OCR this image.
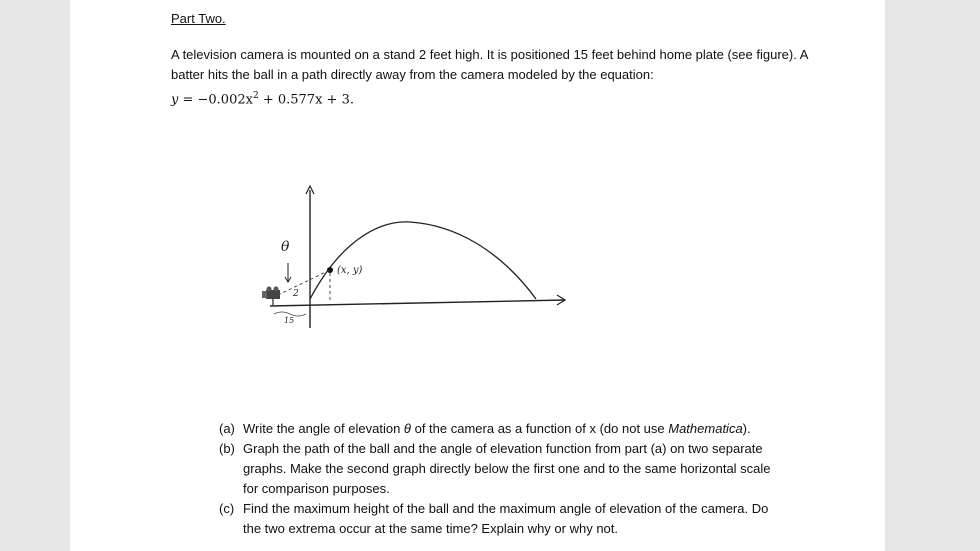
Part Two.
A television camera is mounted on a stand 2 feet high. It is positioned 15 feet behind home plate (see figure). A batter hits the ball in a path directly away from the camera modeled by the equation:
$y = -0.002x^2 + 0.577x + 3$.
θ
(x, y)
2
15
(a) Write the angle of elevation θ of the camera as a function of x (do not use Mathematica).
(b) Graph the path of the ball and the angle of elevation function from part (a) on two separate graphs. Make the second graph directly below the first one and to the same horizontal scale for comparison purposes.
(c) Find the maximum height of the ball and the maximum angle of elevation of the camera. Do the two extrema occur at the same time? Explain why or why not.
